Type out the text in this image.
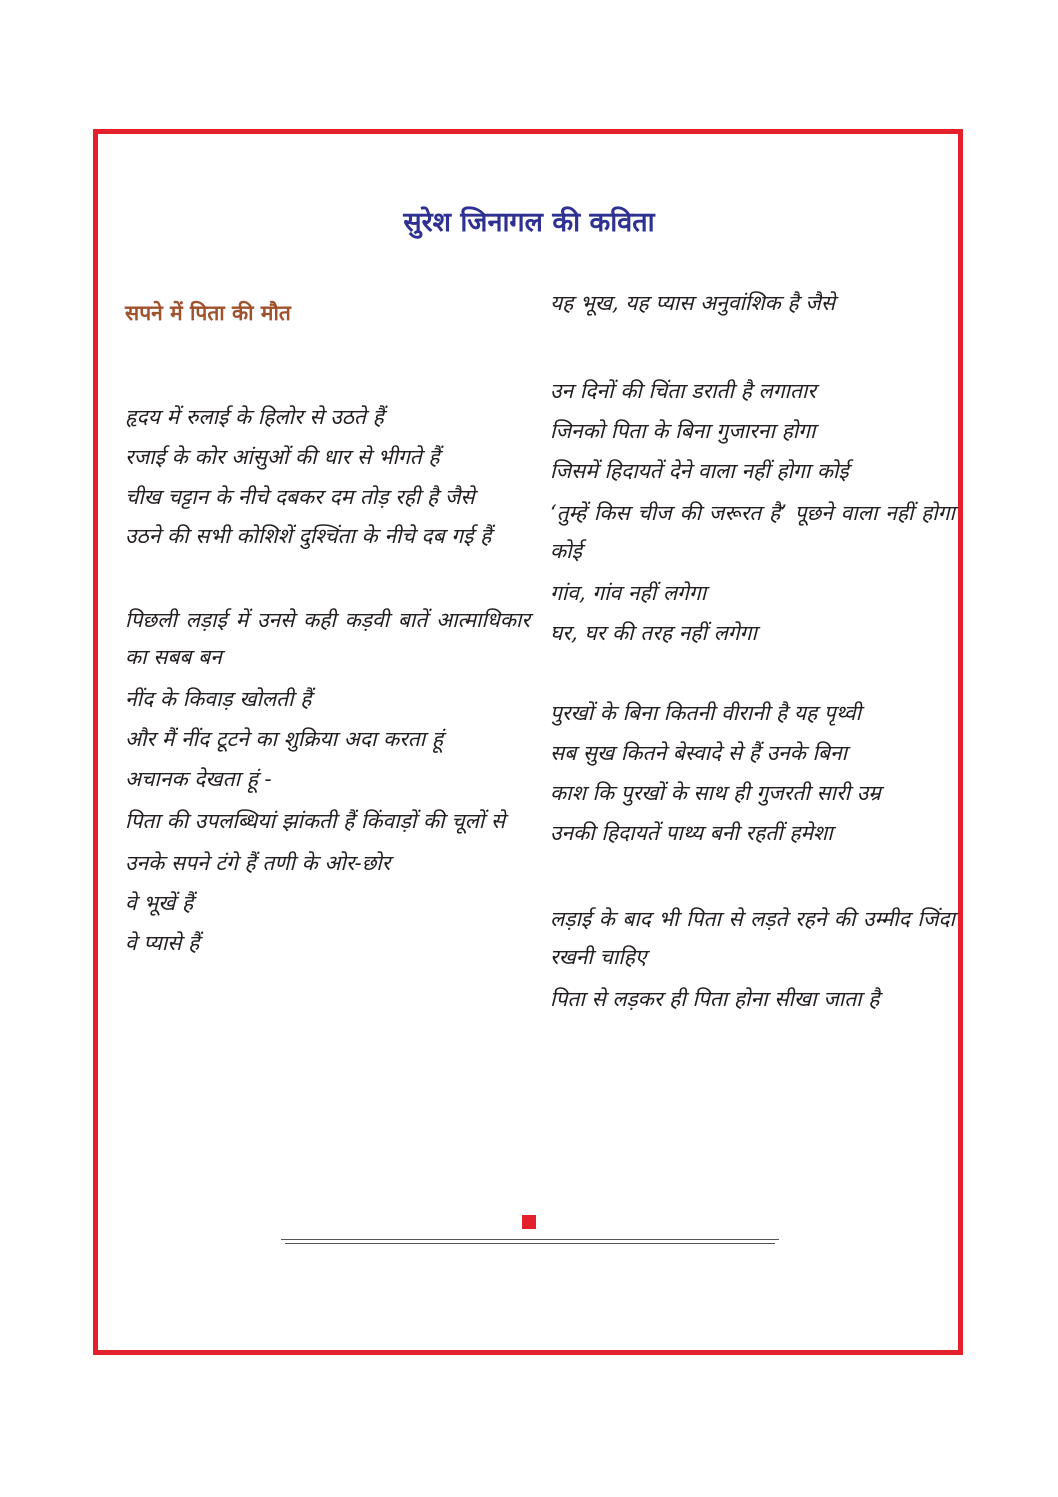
सुरेश जिनागल की कविता
सपने में पिता की मौत
हृदय में रुलाई के हिलोर से उठते हैं
रजाई के कोर आंसुओं की धार से भीगते हैं
चीख चट्टान के नीचे दबकर दम तोड़ रही है जैसे
उठने की सभी कोशिशें दुश्चिंता के नीचे दब गई हैं
पिछली लड़ाई में उनसे कही कड़वी बातें आत्माधिकार का सबब बन
नींद के किवाड़ खोलती हैं
और मैं नींद टूटने का शुक्रिया अदा करता हूं
अचानक देखता हूं -
पिता की उपलब्धियां झांकती हैं किंवाड़ों की चूलों से
उनके सपने टंगे हैं तणी के ओर-छोर
वे भूखें हैं
वे प्यासे हैं
यह भूख, यह प्यास अनुवांशिक है जैसे
उन दिनों की चिंता डराती है लगातार
जिनको पिता के बिना गुजारना होगा
जिसमें हिदायतें देने वाला नहीं होगा कोई
‘तुम्हें किस चीज की जरूरत है’ पूछने वाला नहीं होगा कोई
गांव, गांव नहीं लगेगा
घर, घर की तरह नहीं लगेगा
पुरखों के बिना कितनी वीरानी है यह पृथ्वी
सब सुख कितने बेस्वादे से हैं उनके बिना
काश कि पुरखों के साथ ही गुजरती सारी उम्र
उनकी हिदायतें पाथ्य बनी रहतीं हमेशा
लड़ाई के बाद भी पिता से लड़ते रहने की उम्मीद जिंदा रखनी चाहिए
पिता से लड़कर ही पिता होना सीखा जाता है
